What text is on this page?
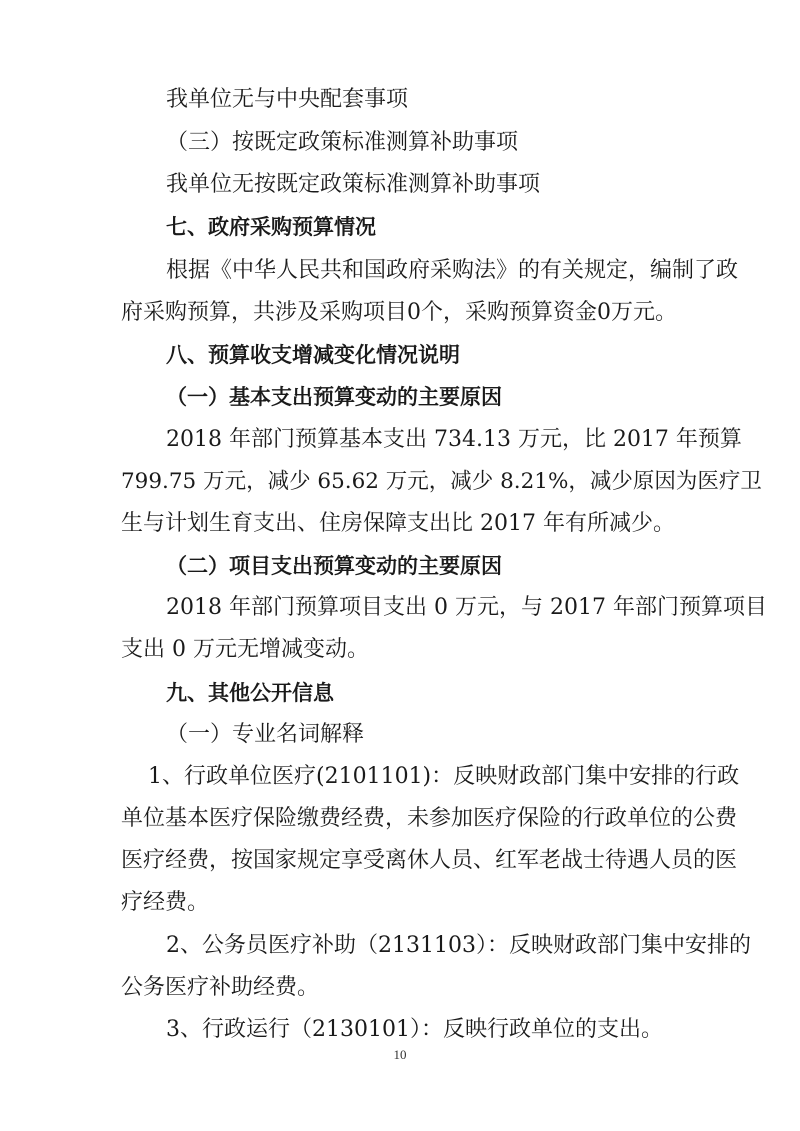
我单位无与中央配套事项
（三）按既定政策标准测算补助事项
我单位无按既定政策标准测算补助事项
七、政府采购预算情况
根据《中华人民共和国政府采购法》的有关规定，编制了政
府采购预算，共涉及采购项目0个，采购预算资金0万元。
八、预算收支增减变化情况说明
（一）基本支出预算变动的主要原因
2018 年部门预算基本支出 734.13 万元，比 2017 年预算
799.75 万元，减少 65.62 万元，减少 8.21%，减少原因为医疗卫
生与计划生育支出、住房保障支出比 2017 年有所减少。
（二）项目支出预算变动的主要原因
2018 年部门预算项目支出 0 万元，与 2017 年部门预算项目
支出 0 万元无增减变动。
九、其他公开信息
（一）专业名词解释
1、行政单位医疗(2101101)：反映财政部门集中安排的行政
单位基本医疗保险缴费经费，未参加医疗保险的行政单位的公费
医疗经费，按国家规定享受离休人员、红军老战士待遇人员的医
疗经费。
2、公务员医疗补助（2131103）：反映财政部门集中安排的
公务医疗补助经费。
3、行政运行（2130101）：反映行政单位的支出。
10
